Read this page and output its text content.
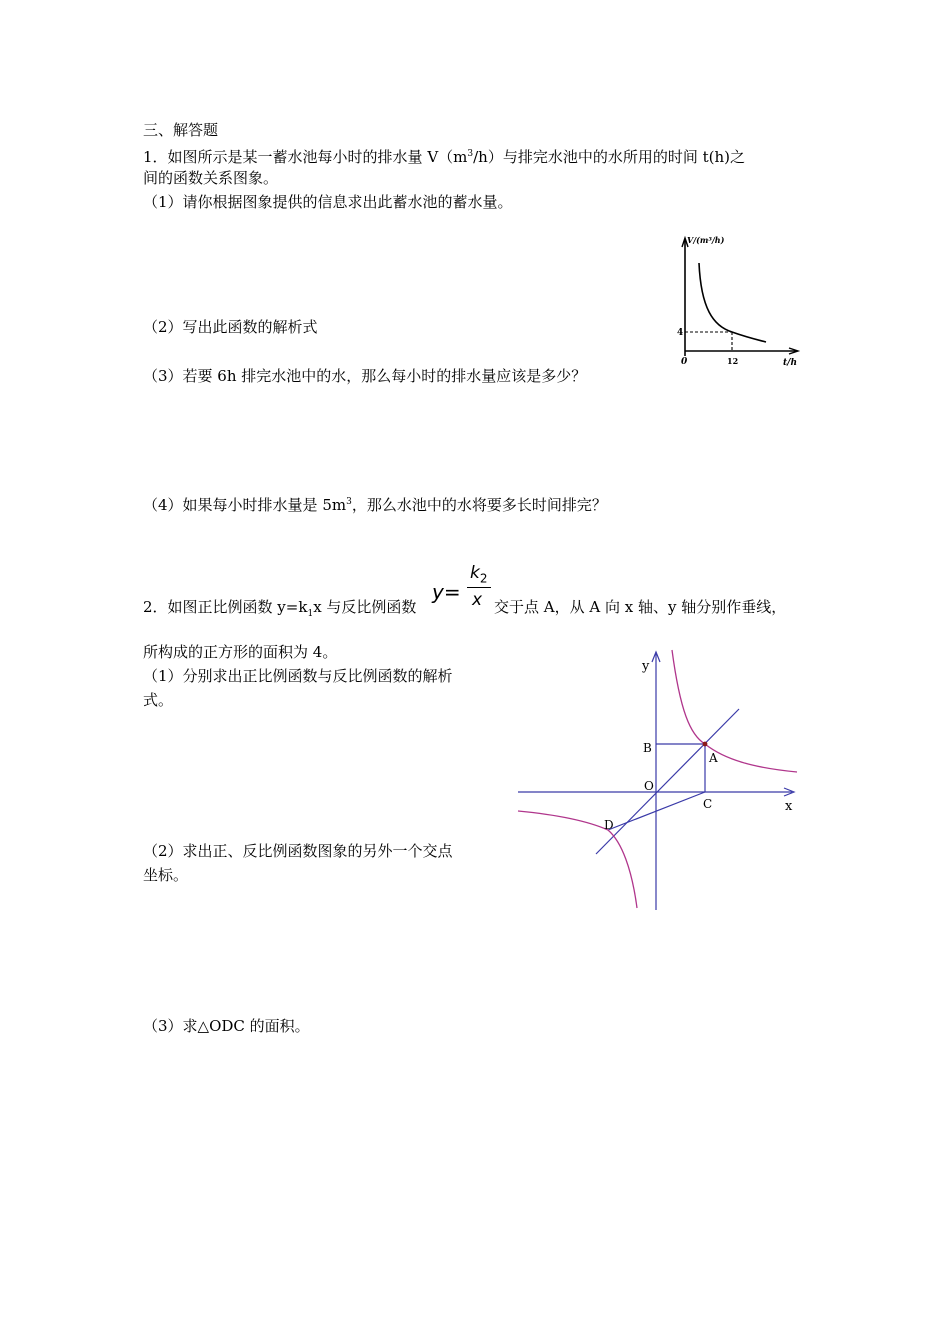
三、解答题
1．如图所示是某一蓄水池每小时的排水量 $V(m^3/h)$与排完水池中的水所用的时间 t(h)之
间的函数关系图象。
（1）请你根据图象提供的信息求出此蓄水池的蓄水量。
（2）写出此函数的解析式
（3）若要 6h 排完水池中的水，那么每小时的排水量应该是多少？
（4）如果每小时排水量是 $5m^3$，那么水池中的水将要多长时间排完？
V/(m³/h)
0
4
12	t/h
2．如图正比例函数 $y=k_1x$ 与反比例函数
y=
$k_2$
x 交于点 A，从 A 向 x 轴、y 轴分别作垂线，
所构成的正方形的面积为 4。
（1）分别求出正比例函数与反比例函数的解析
式。
（2）求出正、反比例函数图象的另外一个交点
坐标。
（3）求△ODC 的面积。
x
y
O
A
B
C
D
